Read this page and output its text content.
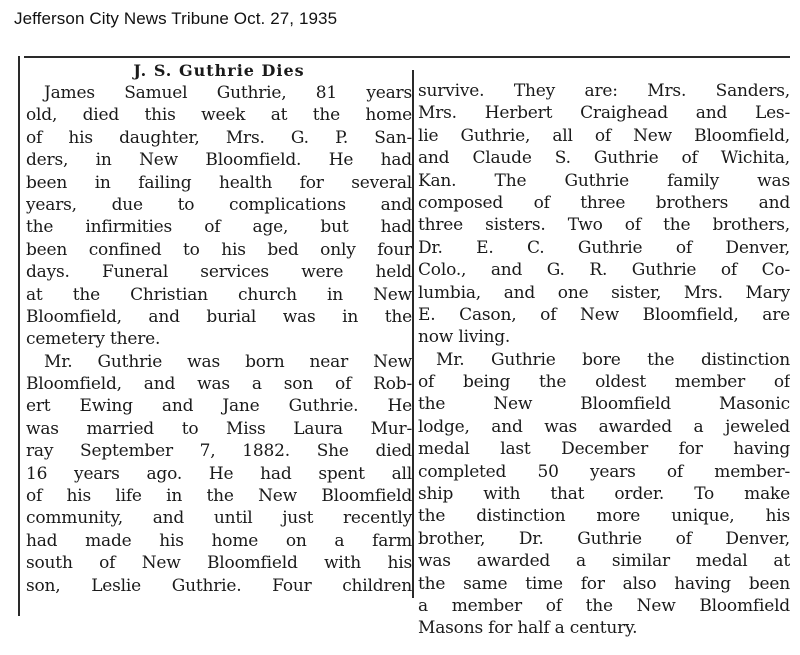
Jefferson City News Tribune Oct. 27, 1935
J. S. Guthrie Dies
James Samuel Guthrie, 81 years
old, died this week at the home
of his daughter, Mrs. G. P. San-
ders, in New Bloomfield. He had
been in failing health for several
years, due to complications and
the infirmities of age, but had
been confined to his bed only four
days. Funeral services were held
at the Christian church in New
Bloomfield, and burial was in the
cemetery there.
Mr. Guthrie was born near New
Bloomfield, and was a son of Rob-
ert Ewing and Jane Guthrie. He
was married to Miss Laura Mur-
ray September 7, 1882. She died
16 years ago. He had spent all
of his life in the New Bloomfield
community, and until just recently
had made his home on a farm
south of New Bloomfield with his
son, Leslie Guthrie. Four children
survive. They are: Mrs. Sanders,
Mrs. Herbert Craighead and Les-
lie Guthrie, all of New Bloomfield,
and Claude S. Guthrie of Wichita,
Kan. The Guthrie family was
composed of three brothers and
three sisters. Two of the brothers,
Dr. E. C. Guthrie of Denver,
Colo., and G. R. Guthrie of Co-
lumbia, and one sister, Mrs. Mary
E. Cason, of New Bloomfield, are
now living.
Mr. Guthrie bore the distinction
of being the oldest member of
the New Bloomfield Masonic
lodge, and was awarded a jeweled
medal last December for having
completed 50 years of member-
ship with that order. To make
the distinction more unique, his
brother, Dr. Guthrie of Denver,
was awarded a similar medal at
the same time for also having been
a member of the New Bloomfield
Masons for half a century.
